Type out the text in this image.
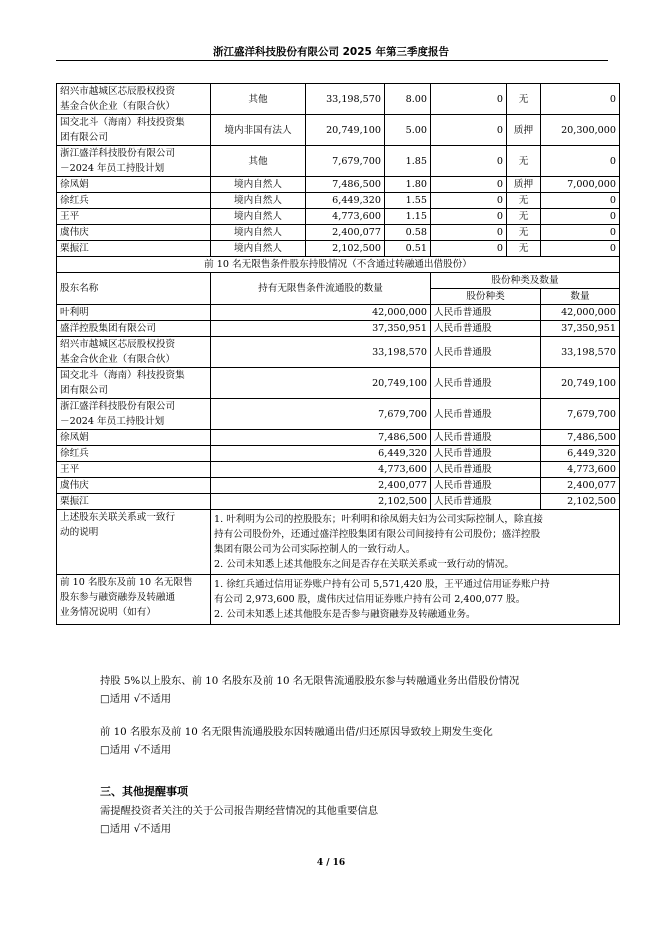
浙江盛洋科技股份有限公司 2025 年第三季度报告
绍兴市越城区芯辰股权投资
基金合伙企业（有限合伙）	其他	33,198,570	8.00	0	无	0
国交北斗（海南）科技投资集
团有限公司	境内非国有法人	20,749,100	5.00	0	质押	20,300,000
浙江盛洋科技股份有限公司
－2024 年员工持股计划	其他	7,679,700	1.85	0	无	0
徐凤娟	境内自然人	7,486,500	1.80	0	质押	7,000,000
徐红兵	境内自然人	6,449,320	1.55	0	无	0
王平	境内自然人	4,773,600	1.15	0	无	0
虞伟庆	境内自然人	2,400,077	0.58	0	无	0
栗振江	境内自然人	2,102,500	0.51	0	无	0
前 10 名无限售条件股东持股情况（不含通过转融通出借股份）						
股东名称	持有无限售条件流通股的数量			股份种类及数量		
				股份种类		数量
叶利明	42,000,000			人民币普通股		42,000,000
盛洋控股集团有限公司	37,350,951			人民币普通股		37,350,951
绍兴市越城区芯辰股权投资
基金合伙企业（有限合伙）	33,198,570			人民币普通股		33,198,570
国交北斗（海南）科技投资集
团有限公司	20,749,100			人民币普通股		20,749,100
浙江盛洋科技股份有限公司
－2024 年员工持股计划	7,679,700			人民币普通股		7,679,700
徐凤娟	7,486,500			人民币普通股		7,486,500
徐红兵	6,449,320			人民币普通股		6,449,320
王平	4,773,600			人民币普通股		4,773,600
虞伟庆	2,400,077			人民币普通股		2,400,077
栗振江	2,102,500			人民币普通股		2,102,500
上述股东关联关系或一致行
动的说明	1. 叶利明为公司的控股股东；叶利明和徐凤娟夫妇为公司实际控制人，除直接
持有公司股份外，还通过盛洋控股集团有限公司间接持有公司股份；盛洋控股
集团有限公司为公司实际控制人的一致行动人。
2. 公司未知悉上述其他股东之间是否存在关联关系或一致行动的情况。					
前 10 名股东及前 10 名无限售
股东参与融资融券及转融通
业务情况说明（如有）	1. 徐红兵通过信用证券账户持有公司 5,571,420 股，王平通过信用证券账户持
有公司 2,973,600 股，虞伟庆过信用证券账户持有公司 2,400,077 股。
2. 公司未知悉上述其他股东是否参与融资融券及转融通业务。					
持股 5%以上股东、前 10 名股东及前 10 名无限售流通股股东参与转融通业务出借股份情况
□适用 √不适用
前 10 名股东及前 10 名无限售流通股股东因转融通出借/归还原因导致较上期发生变化
□适用 √不适用
三、其他提醒事项
需提醒投资者关注的关于公司报告期经营情况的其他重要信息
□适用 √不适用
4 / 16
